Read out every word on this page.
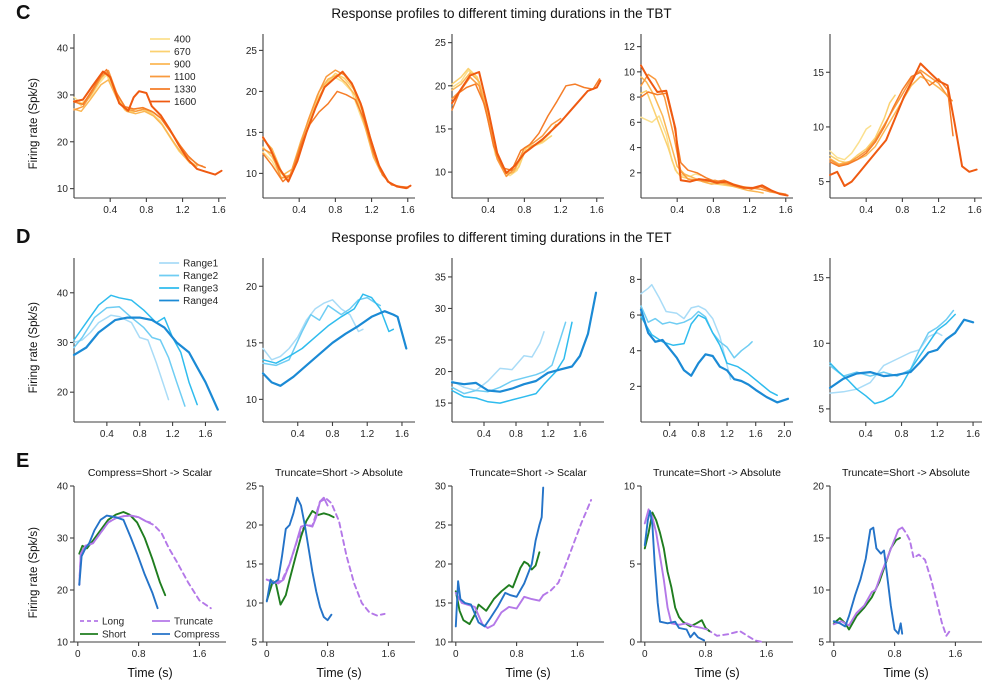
C	Response profiles to different timing durations in the TBT
Firing rate (Spk/s)
10
20
30
40
0.4 0.8 1.2 1.6
400
670
900
1100
1330
1600
10
15
20
25
0.4 0.8 1.2 1.6
10
15
20
25
0.4 0.8 1.2 1.6
2
4
6
8
10
12
0.4 0.8 1.2 1.6
5
10
15
0.4 0.8 1.2 1.6
D	Response profiles to different timing durations in the TET
Firing rate (Spk/s) 20
30
40
0.4 0.8 1.2 1.6
Range1
Range2
Range3
Range4
10
15
20
0.4 0.8 1.2 1.6
15
20
25
30
35
0.4 0.8 1.2 1.6
2
4
6
8
0.4 0.8 1.2 1.6 2.0
5
10
15
0.4 0.8 1.2 1.6
E
Firing rate (Spk/s)
10
20
30
40
0	0.8	1.6
Compress=Short -> Scalar
Time (s)
Long	Truncate
Short	Compress
5
10
15
20
25
0	0.8	1.6
Truncate=Short -> Absolute
Time (s)
10
15
20
25
30
0	0.8	1.6
Truncate=Short -> Scalar
Time (s)
0
5
10
0	0.8	1.6
Truncate=Short -> Absolute
Time (s)
5
10
15
20
0	0.8	1.6
Truncate=Short -> Absolute
Time (s)
